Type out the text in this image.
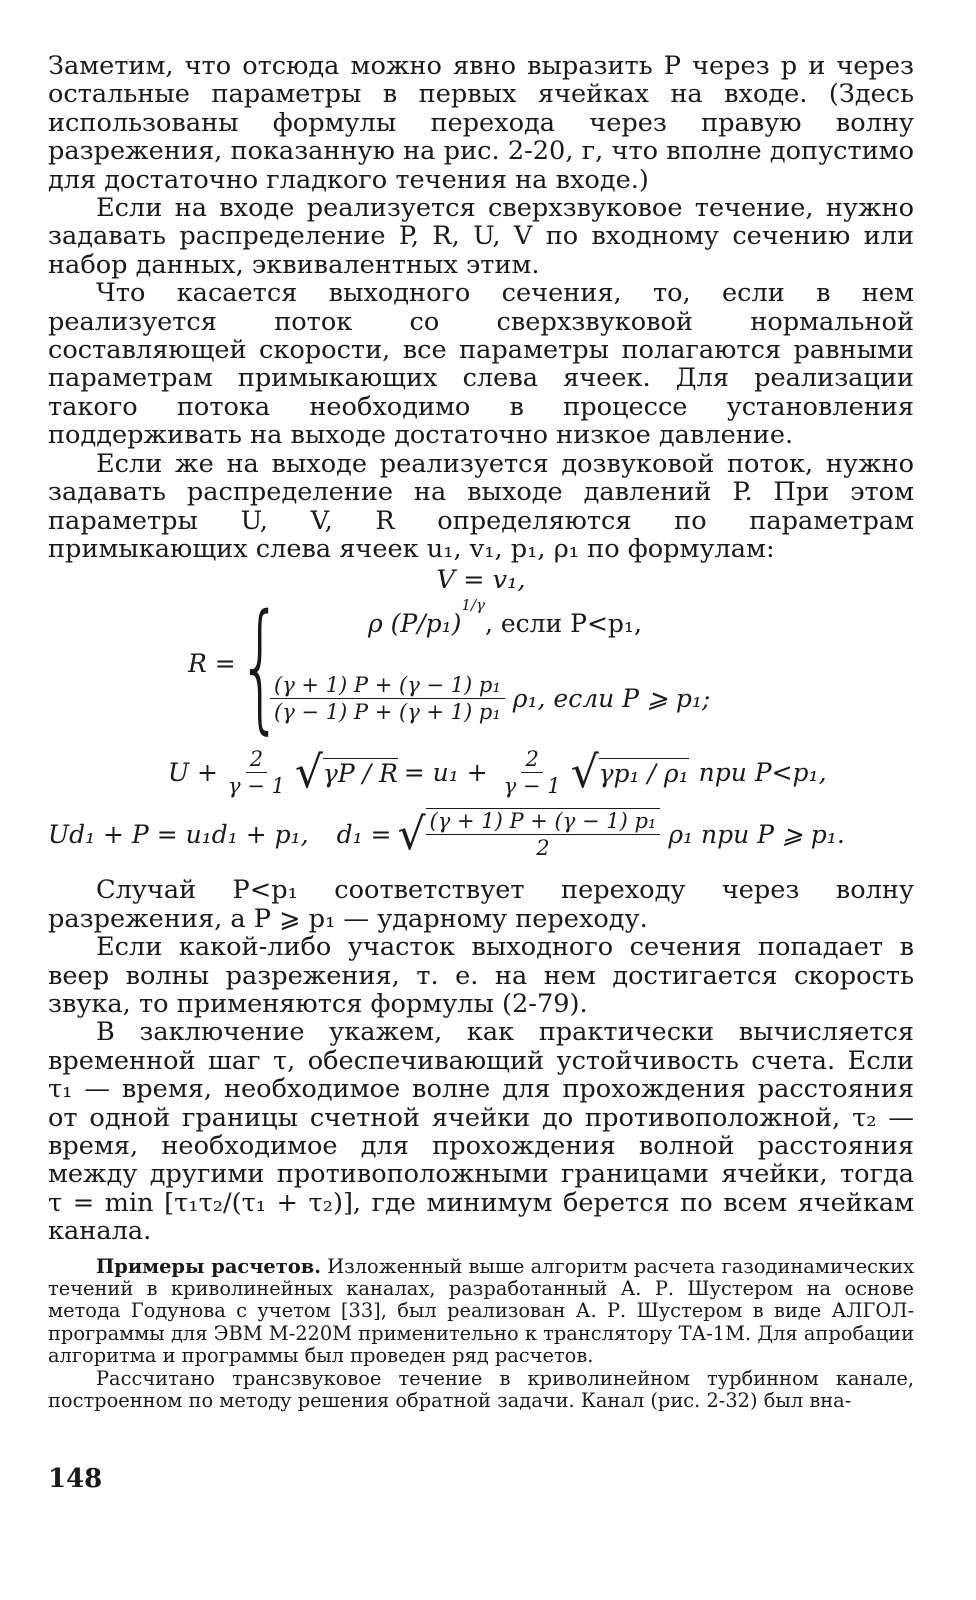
Заметим, что отсюда можно явно выразить P через p и через остальные параметры в первых ячейках на входе. (Здесь использованы формулы перехода через правую волну разрежения, показанную на рис. 2-20, г, что вполне допустимо для достаточно гладкого течения на входе.)

Если на входе реализуется сверхзвуковое течение, нужно задавать распределение P, R, U, V по входному сечению или набор данных, эквивалентных этим.

Что касается выходного сечения, то, если в нем реализуется поток со сверхзвуковой нормальной составляющей скорости, все параметры полагаются равными параметрам примыкающих слева ячеек. Для реализации такого потока необходимо в процессе установления поддерживать на выходе достаточно низкое давление.

Если же на выходе реализуется дозвуковой поток, нужно задавать распределение на выходе давлений P. При этом параметры U, V, R определяются по параметрам примыкающих слева ячеек u₁, v₁, p₁, ρ₁ по формулам:

V = v₁,
R = {	ρ $(P/p_1)^{1/\gamma}$, если P<p₁,
$\frac{\text{(γ + 1) P + (γ − 1) p₁}}{\text{(γ − 1) P + (γ + 1) p₁}} \rho_1$, если P ⩾ p₁;
$U + \frac{2}{\gamma - 1}$ √ $\gamma P / R = u_1 + \frac{2}{\gamma - 1}$ √ γp₁ / ρ₁ при P<p₁,
Ud₁ + P = u₁d₁ + p₁, d₁ = √ $\frac{\text{(γ + 1) P + (γ − 1) p₁}}{2} \rho_1$ при P ⩾ p₁.

Случай P<p₁ соответствует переходу через волну разрежения, а P ⩾ p₁ — ударному переходу.

Если какой-либо участок выходного сечения попадает в веер волны разрежения, т. е. на нем достигается скорость звука, то применяются формулы (2-79).

В заключение укажем, как практически вычисляется временной шаг τ, обеспечивающий устойчивость счета. Если τ₁ — время, необходимое волне для прохождения расстояния от одной границы счетной ячейки до противоположной, τ₂ — время, необходимое для прохождения волной расстояния между другими противоположными границами ячейки, тогда τ = min [τ₁τ₂/(τ₁ + τ₂)], где минимум берется по всем ячейкам канала.

Примеры расчетов. Изложенный выше алгоритм расчета газодинамических течений в криволинейных каналах, разработанный А. Р. Шустером на основе метода Годунова с учетом [33], был реализован А. Р. Шустером в виде АЛГОЛ-программы для ЭВМ М-220М применительно к транслятору ТА-1М. Для апробации алгоритма и программы был проведен ряд расчетов.

Рассчитано трансзвуковое течение в криволинейном турбинном канале, построенном по методу решения обратной задачи. Канал (рис. 2-32) был вна-

148
